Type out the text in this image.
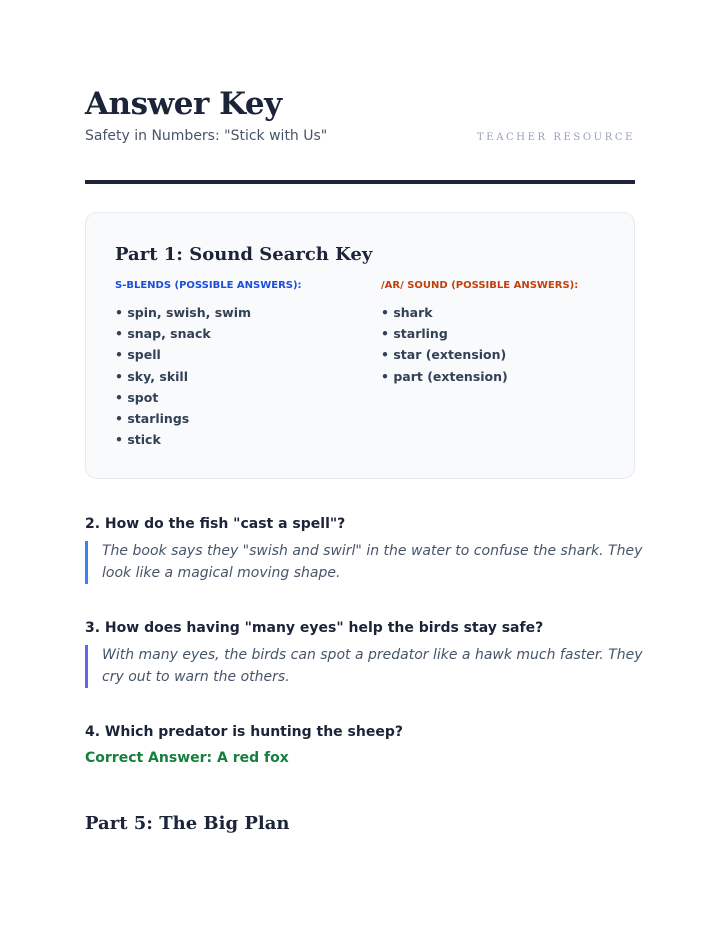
Answer Key
Safety in Numbers: "Stick with Us"	TEACHER RESOURCE
Part 1: Sound Search Key
S-BLENDS (POSSIBLE ANSWERS):
• spin, swish, swim
• snap, snack
• spell
• sky, skill
• spot
• starlings
• stick
/AR/ SOUND (POSSIBLE ANSWERS):
• shark
• starling
• star (extension)
• part (extension)
2. How do the fish "cast a spell"?
The book says they "swish and swirl" in the water to confuse the shark. They look like a magical moving shape.
3. How does having "many eyes" help the birds stay safe?
With many eyes, the birds can spot a predator like a hawk much faster. They cry out to warn the others.
4. Which predator is hunting the sheep?
Correct Answer: A red fox
Part 5: The Big Plan
